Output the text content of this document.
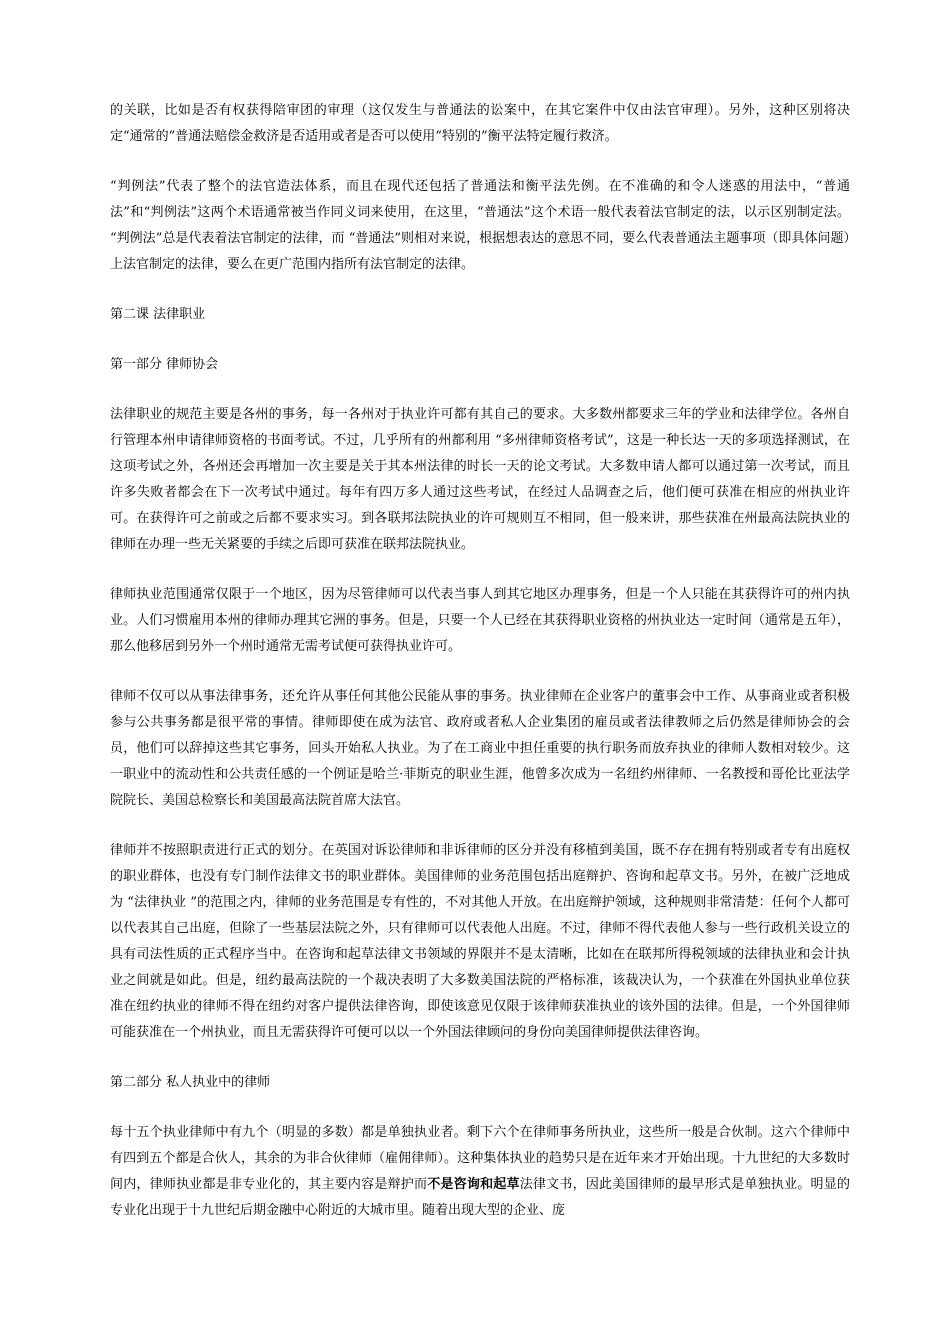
的关联，比如是否有权获得陪审团的审理（这仅发生与普通法的讼案中，在其它案件中仅由法官审理）。另外，这种区别将决定“通常的”普通法赔偿金救济是否适用或者是否可以使用“特别的”衡平法特定履行救济。

“判例法”代表了整个的法官造法体系，而且在现代还包括了普通法和衡平法先例。在不准确的和令人迷惑的用法中，“普通法”和“判例法”这两个术语通常被当作同义词来使用，在这里，“普通法”这个术语一般代表着法官制定的法，以示区别制定法。 “判例法”总是代表着法官制定的法律，而 “普通法”则相对来说，根据想表达的意思不同，要么代表普通法主题事项（即具体问题）上法官制定的法律，要么在更广范围内指所有法官制定的法律。

第二课 法律职业

第一部分 律师协会

法律职业的规范主要是各州的事务，每一各州对于执业许可都有其自己的要求。大多数州都要求三年的学业和法律学位。各州自行管理本州申请律师资格的书面考试。不过，几乎所有的州都利用 “多州律师资格考试”，这是一种长达一天的多项选择测试，在这项考试之外，各州还会再增加一次主要是关于其本州法律的时长一天的论文考试。大多数申请人都可以通过第一次考试，而且许多失败者都会在下一次考试中通过。每年有四万多人通过这些考试，在经过人品调查之后，他们便可获准在相应的州执业许可。在获得许可之前或之后都不要求实习。到各联邦法院执业的许可规则互不相同，但一般来讲，那些获准在州最高法院执业的律师在办理一些无关紧要的手续之后即可获准在联邦法院执业。

律师执业范围通常仅限于一个地区，因为尽管律师可以代表当事人到其它地区办理事务，但是一个人只能在其获得许可的州内执业。人们习惯雇用本州的律师办理其它洲的事务。但是，只要一个人已经在其获得职业资格的州执业达一定时间（通常是五年），那么他移居到另外一个州时通常无需考试便可获得执业许可。

律师不仅可以从事法律事务，还允许从事任何其他公民能从事的事务。执业律师在企业客户的董事会中工作、从事商业或者积极参与公共事务都是很平常的事情。律师即使在成为法官、政府或者私人企业集团的雇员或者法律教师之后仍然是律师协会的会员，他们可以辞掉这些其它事务，回头开始私人执业。为了在工商业中担任重要的执行职务而放弃执业的律师人数相对较少。这一职业中的流动性和公共责任感的一个例证是哈兰·菲斯克的职业生涯，他曾多次成为一名纽约州律师、一名教授和哥伦比亚法学院院长、美国总检察长和美国最高法院首席大法官。

律师并不按照职责进行正式的划分。在英国对诉讼律师和非诉律师的区分并没有移植到美国，既不存在拥有特别或者专有出庭权的职业群体，也没有专门制作法律文书的职业群体。美国律师的业务范围包括出庭辩护、咨询和起草文书。另外，在被广泛地成为 “法律执业 ”的范围之内，律师的业务范围是专有性的，不对其他人开放。在出庭辩护领域，这种规则非常清楚：任何个人都可以代表其自己出庭，但除了一些基层法院之外，只有律师可以代表他人出庭。不过，律师不得代表他人参与一些行政机关设立的具有司法性质的正式程序当中。在咨询和起草法律文书领域的界限并不是太清晰，比如在在联邦所得税领域的法律执业和会计执业之间就是如此。但是，纽约最高法院的一个裁决表明了大多数美国法院的严格标准，该裁决认为，一个获准在外国执业单位获准在纽约执业的律师不得在纽约对客户提供法律咨询，即使该意见仅限于该律师获准执业的该外国的法律。但是，一个外国律师可能获准在一个州执业，而且无需获得许可便可以以一个外国法律顾问的身份向美国律师提供法律咨询。

第二部分 私人执业中的律师

每十五个执业律师中有九个（明显的多数）都是单独执业者。剩下六个在律师事务所执业，这些所一般是合伙制。这六个律师中有四到五个都是合伙人，其余的为非合伙律师（雇佣律师）。这种集体执业的趋势只是在近年来才开始出现。十九世纪的大多数时间内，律师执业都是非专业化的，其主要内容是辩护而不是咨询和起草法律文书，因此美国律师的最早形式是单独执业。明显的专业化出现于十九世纪后期金融中心附近的大城市里。随着出现大型的企业、庞
